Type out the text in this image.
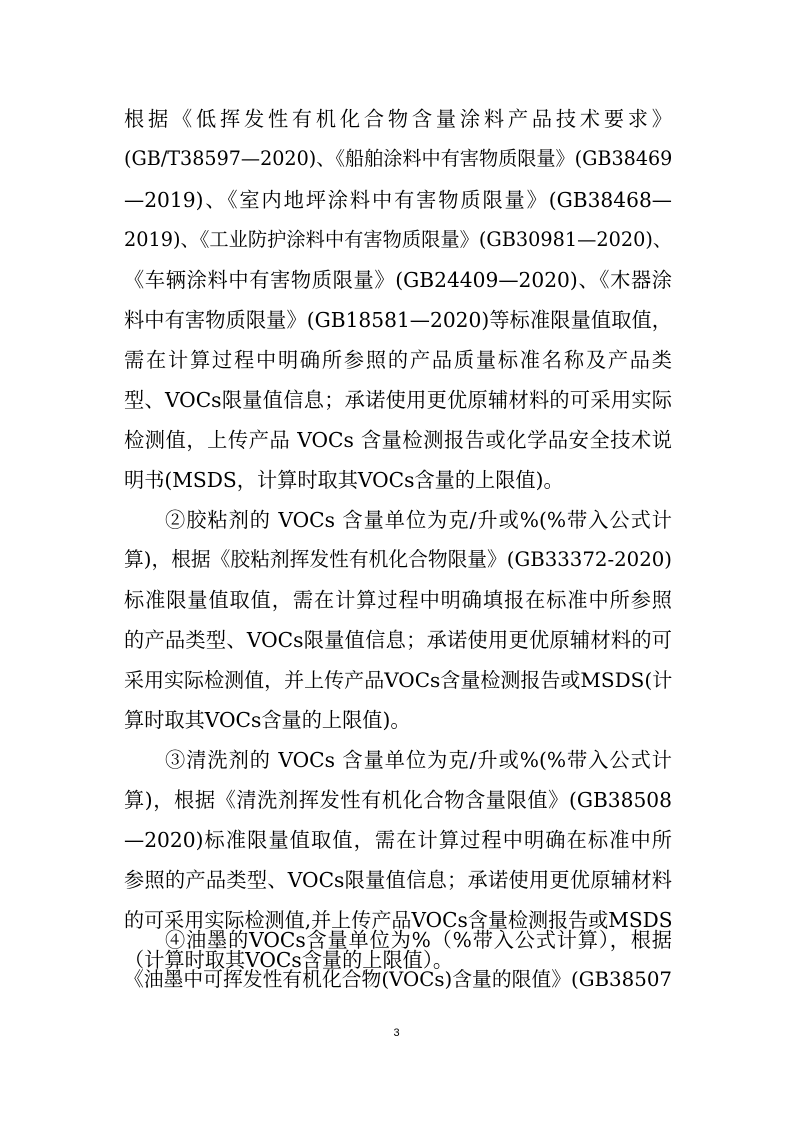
根据《低挥发性有机化合物含量涂料产品技术要求》
(GB/T38597—2020)、《船舶涂料中有害物质限量》(GB38469
—2019)、《室内地坪涂料中有害物质限量》(GB38468—
2019)、《工业防护涂料中有害物质限量》(GB30981—2020)、
《车辆涂料中有害物质限量》(GB24409—2020)、《木器涂
料中有害物质限量》(GB18581—2020)等标准限量值取值，
需在计算过程中明确所参照的产品质量标准名称及产品类
型、VOCs限量值信息；承诺使用更优原辅材料的可采用实际
检测值，上传产品 VOCs 含量检测报告或化学品安全技术说
明书(MSDS，计算时取其VOCs含量的上限值)。
②胶粘剂的 VOCs 含量单位为克/升或%(%带入公式计
算)，根据《胶粘剂挥发性有机化合物限量》(GB33372-2020)
标准限量值取值，需在计算过程中明确填报在标准中所参照
的产品类型、VOCs限量值信息；承诺使用更优原辅材料的可
采用实际检测值，并上传产品VOCs含量检测报告或MSDS(计
算时取其VOCs含量的上限值)。
③清洗剂的 VOCs 含量单位为克/升或%(%带入公式计
算)，根据《清洗剂挥发性有机化合物含量限值》(GB38508
—2020)标准限量值取值，需在计算过程中明确在标准中所
参照的产品类型、VOCs限量值信息；承诺使用更优原辅材料
的可采用实际检测值,并上传产品VOCs含量检测报告或MSDS
（计算时取其VOCs含量的上限值）。
④油墨的VOCs含量单位为%（%带入公式计算），根据
3
《油墨中可挥发性有机化合物(VOCs)含量的限值》(GB38507
